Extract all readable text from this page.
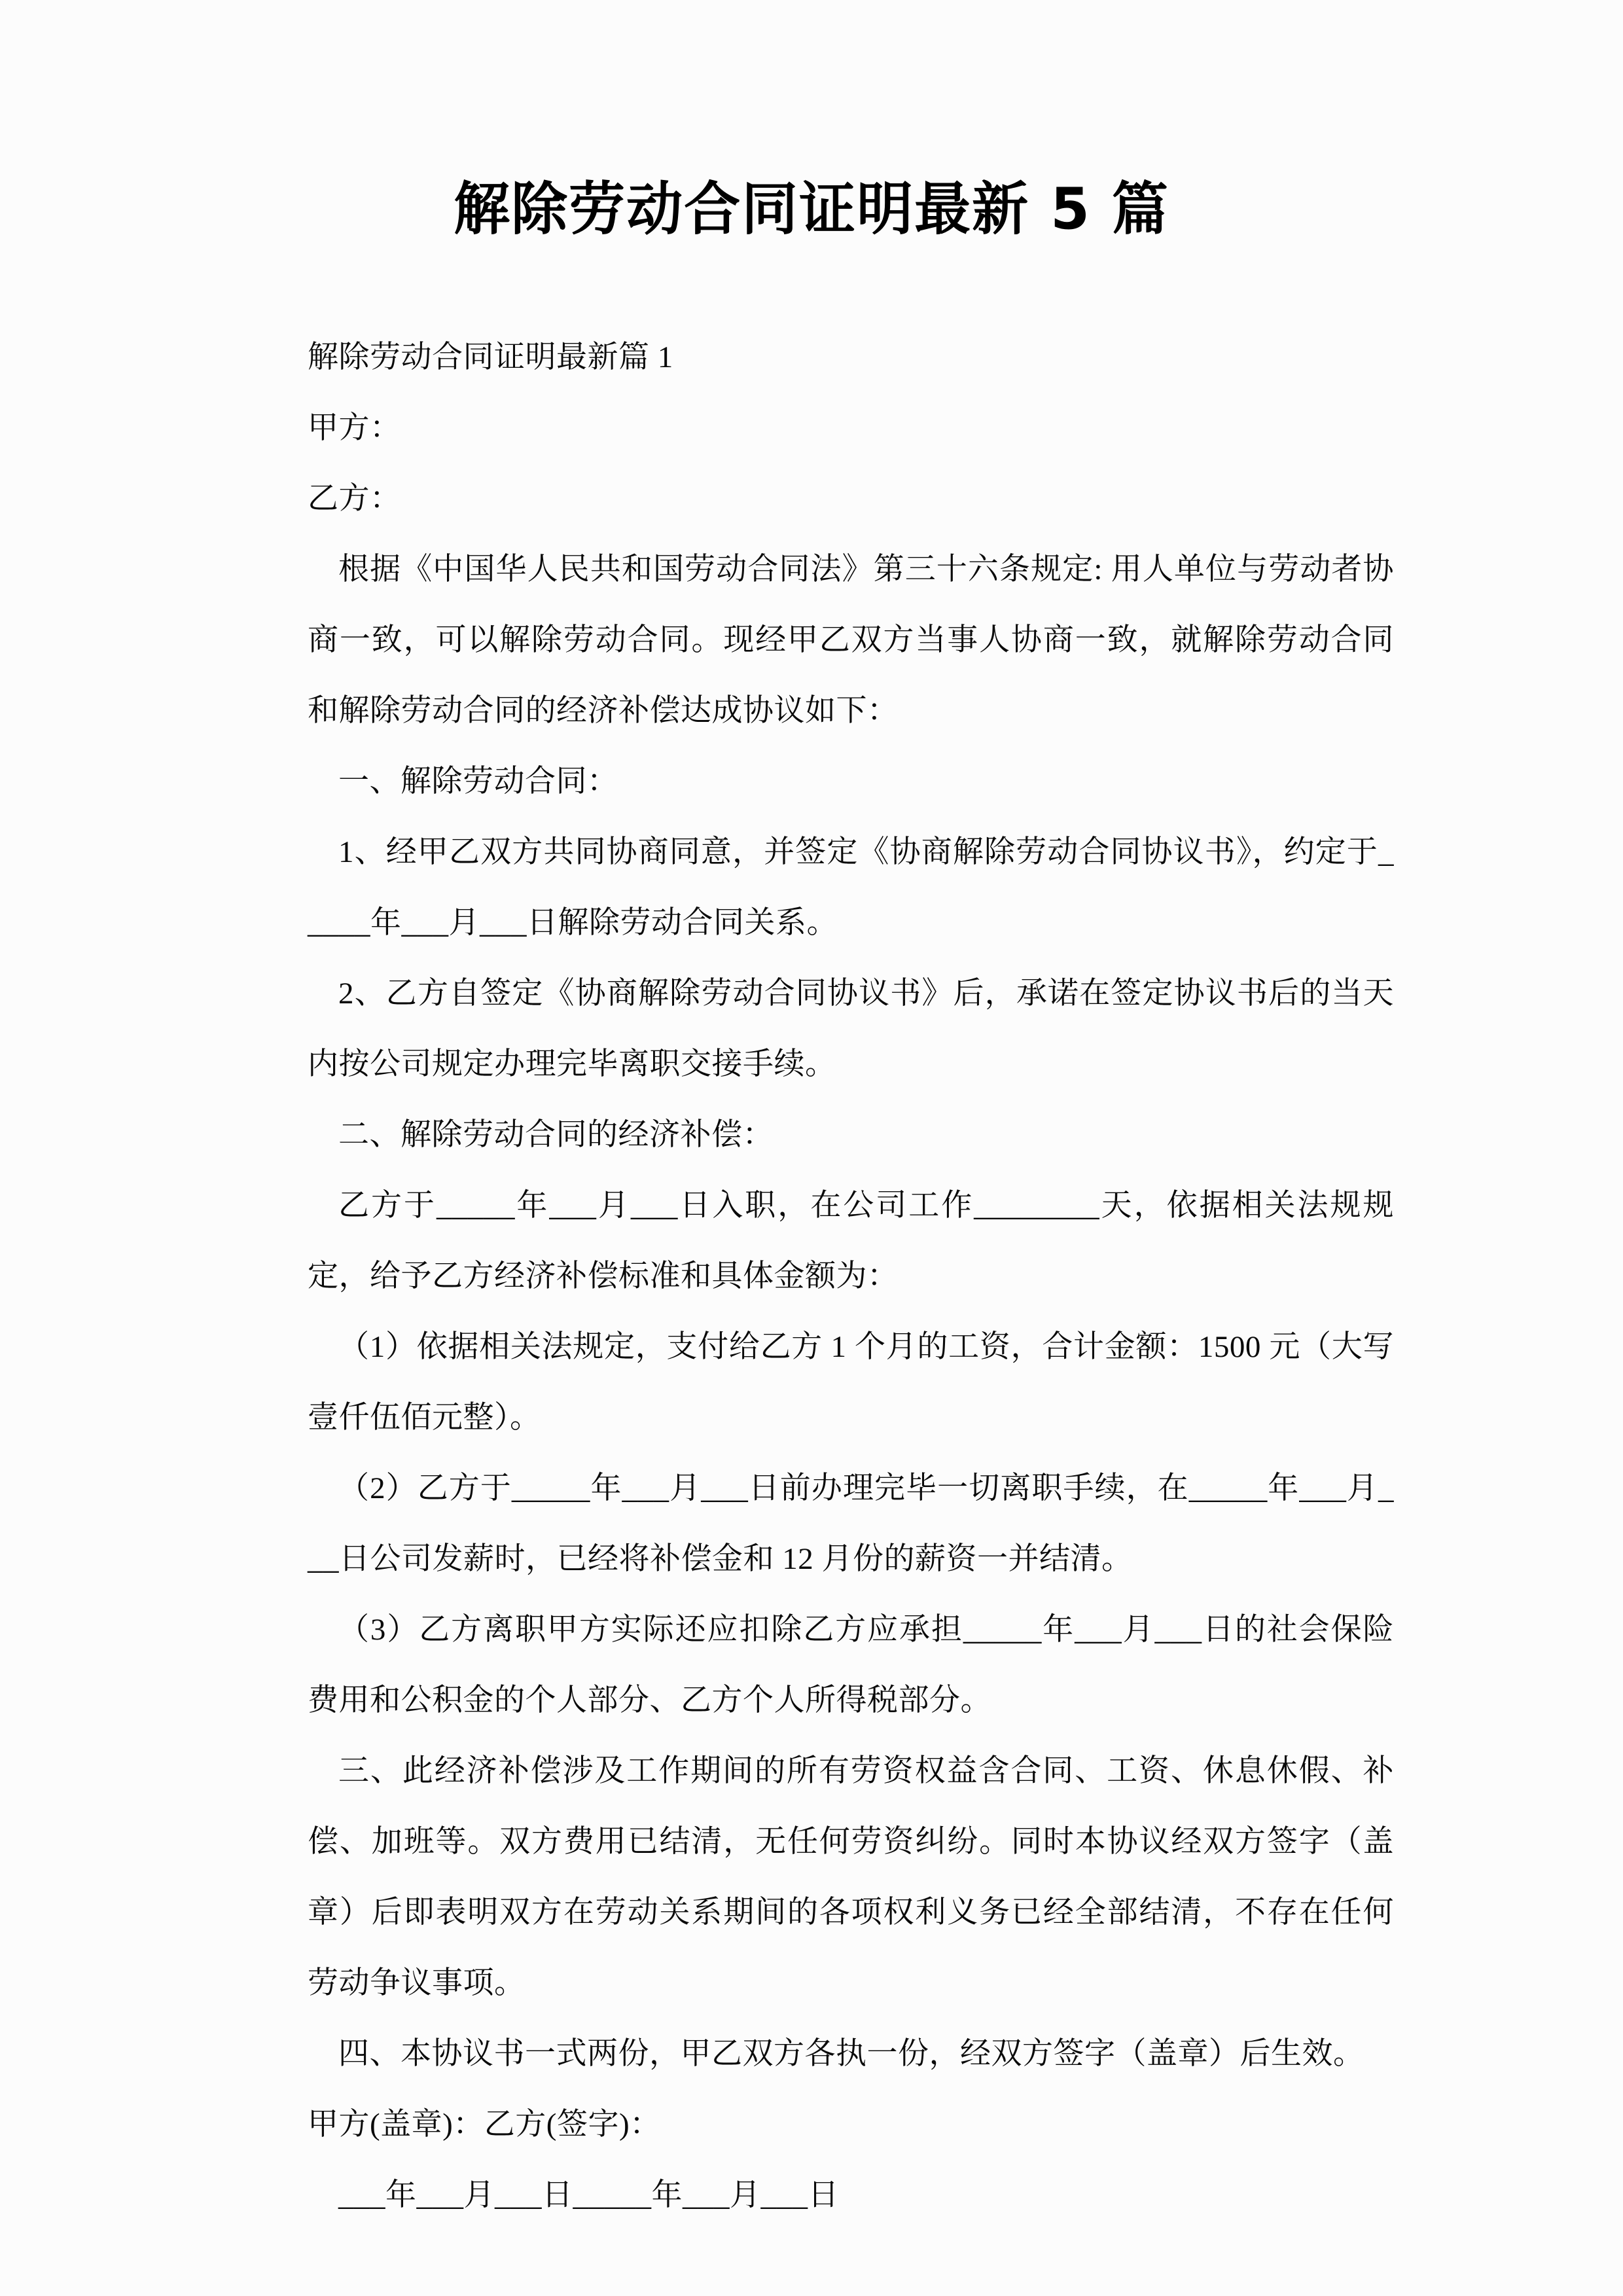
解除劳动合同证明最新 5 篇

解除劳动合同证明最新篇 1

甲方：

乙方：

根据《中国华人民共和国劳动合同法》第三十六条规定: 用人单位与劳动者协商一致，可以解除劳动合同。现经甲乙双方当事人协商一致，就解除劳动合同和解除劳动合同的经济补偿达成协议如下：

一、解除劳动合同：

1、经甲乙双方共同协商同意，并签定《协商解除劳动合同协议书》，约定于_____年___月___日解除劳动合同关系。

2、乙方自签定《协商解除劳动合同协议书》后，承诺在签定协议书后的当天内按公司规定办理完毕离职交接手续。

二、解除劳动合同的经济补偿：

乙方于_____年___月___日入职，在公司工作________天，依据相关法规规定，给予乙方经济补偿标准和具体金额为：

（1）依据相关法规定，支付给乙方 1 个月的工资，合计金额：1500 元（大写壹仟伍佰元整）。

（2）乙方于_____年___月___日前办理完毕一切离职手续，在_____年___月___日公司发薪时，已经将补偿金和 12 月份的薪资一并结清。

（3）乙方离职甲方实际还应扣除乙方应承担_____年___月___日的社会保险费用和公积金的个人部分、乙方个人所得税部分。

三、此经济补偿涉及工作期间的所有劳资权益含合同、工资、休息休假、补偿、加班等。双方费用已结清，无任何劳资纠纷。同时本协议经双方签字（盖章）后即表明双方在劳动关系期间的各项权利义务已经全部结清，不存在任何劳动争议事项。

四、本协议书一式两份，甲乙双方各执一份，经双方签字（盖章）后生效。

甲方(盖章)：乙方(签字)：

___年___月___日_____年___月___日
